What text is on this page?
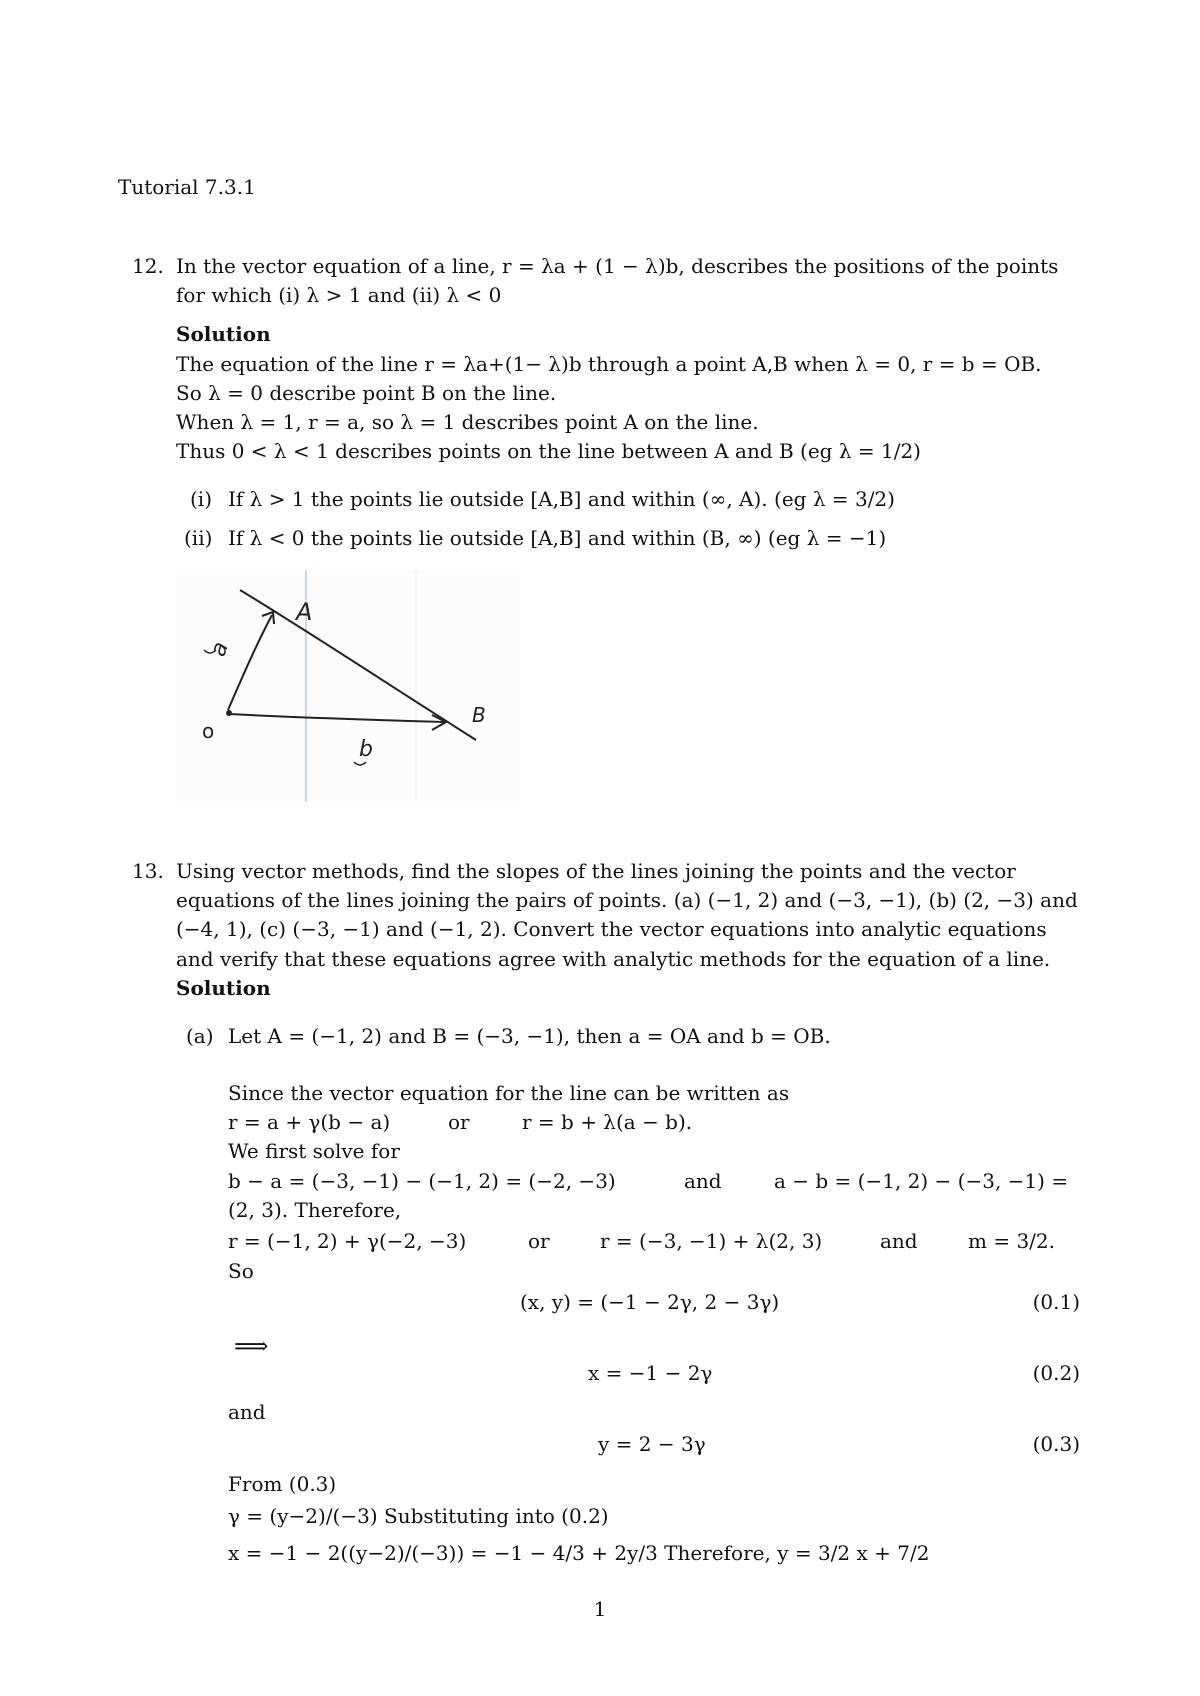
Tutorial 7.3.1
12. In the vector equation of a line, r = λa + (1 − λ)b, describes the positions of the points
for which (i) λ > 1 and (ii) λ < 0
Solution
The equation of the line r = λa+(1− λ)b through a point A,B when λ = 0, r = b = OB.
So λ = 0 describe point B on the line.
When λ = 1, r = a, so λ = 1 describes point A on the line.
Thus 0 < λ < 1 describes points on the line between A and B (eg λ = 1/2)
(i) If λ > 1 the points lie outside [A,B] and within (∞, A). (eg λ = 3/2)
(ii) If λ < 0 the points lie outside [A,B] and within (B, ∞) (eg λ = −1)
A
B
a
b
o
13. Using vector methods, find the slopes of the lines joining the points and the vector
equations of the lines joining the pairs of points. (a) (−1, 2) and (−3, −1), (b) (2, −3) and
(−4, 1), (c) (−3, −1) and (−1, 2). Convert the vector equations into analytic equations
and verify that these equations agree with analytic methods for the equation of a line.
Solution
(a) Let A = (−1, 2) and B = (−3, −1), then a = OA and b = OB.
Since the vector equation for the line can be written as
r = a + γ(b − a)	or	r = b + λ(a − b).
We first solve for
b − a = (−3, −1) − (−1, 2) = (−2, −3)	and	a − b = (−1, 2) − (−3, −1) =
(2, 3). Therefore,
r = (−1, 2) + γ(−2, −3)	or	r = (−3, −1) + λ(2, 3)	and	m = 3/2.
So
(x, y) = (−1 − 2γ, 2 − 3γ)	(0.1)
⟹
x = −1 − 2γ	(0.2)
and
y = 2 − 3γ	(0.3)
From (0.3)
γ = (y−2)/(−3) Substituting into (0.2)
x = −1 − 2((y−2)/(−3)) = −1 − 4/3 + 2y/3 Therefore, y = 3/2 x + 7/2
1
